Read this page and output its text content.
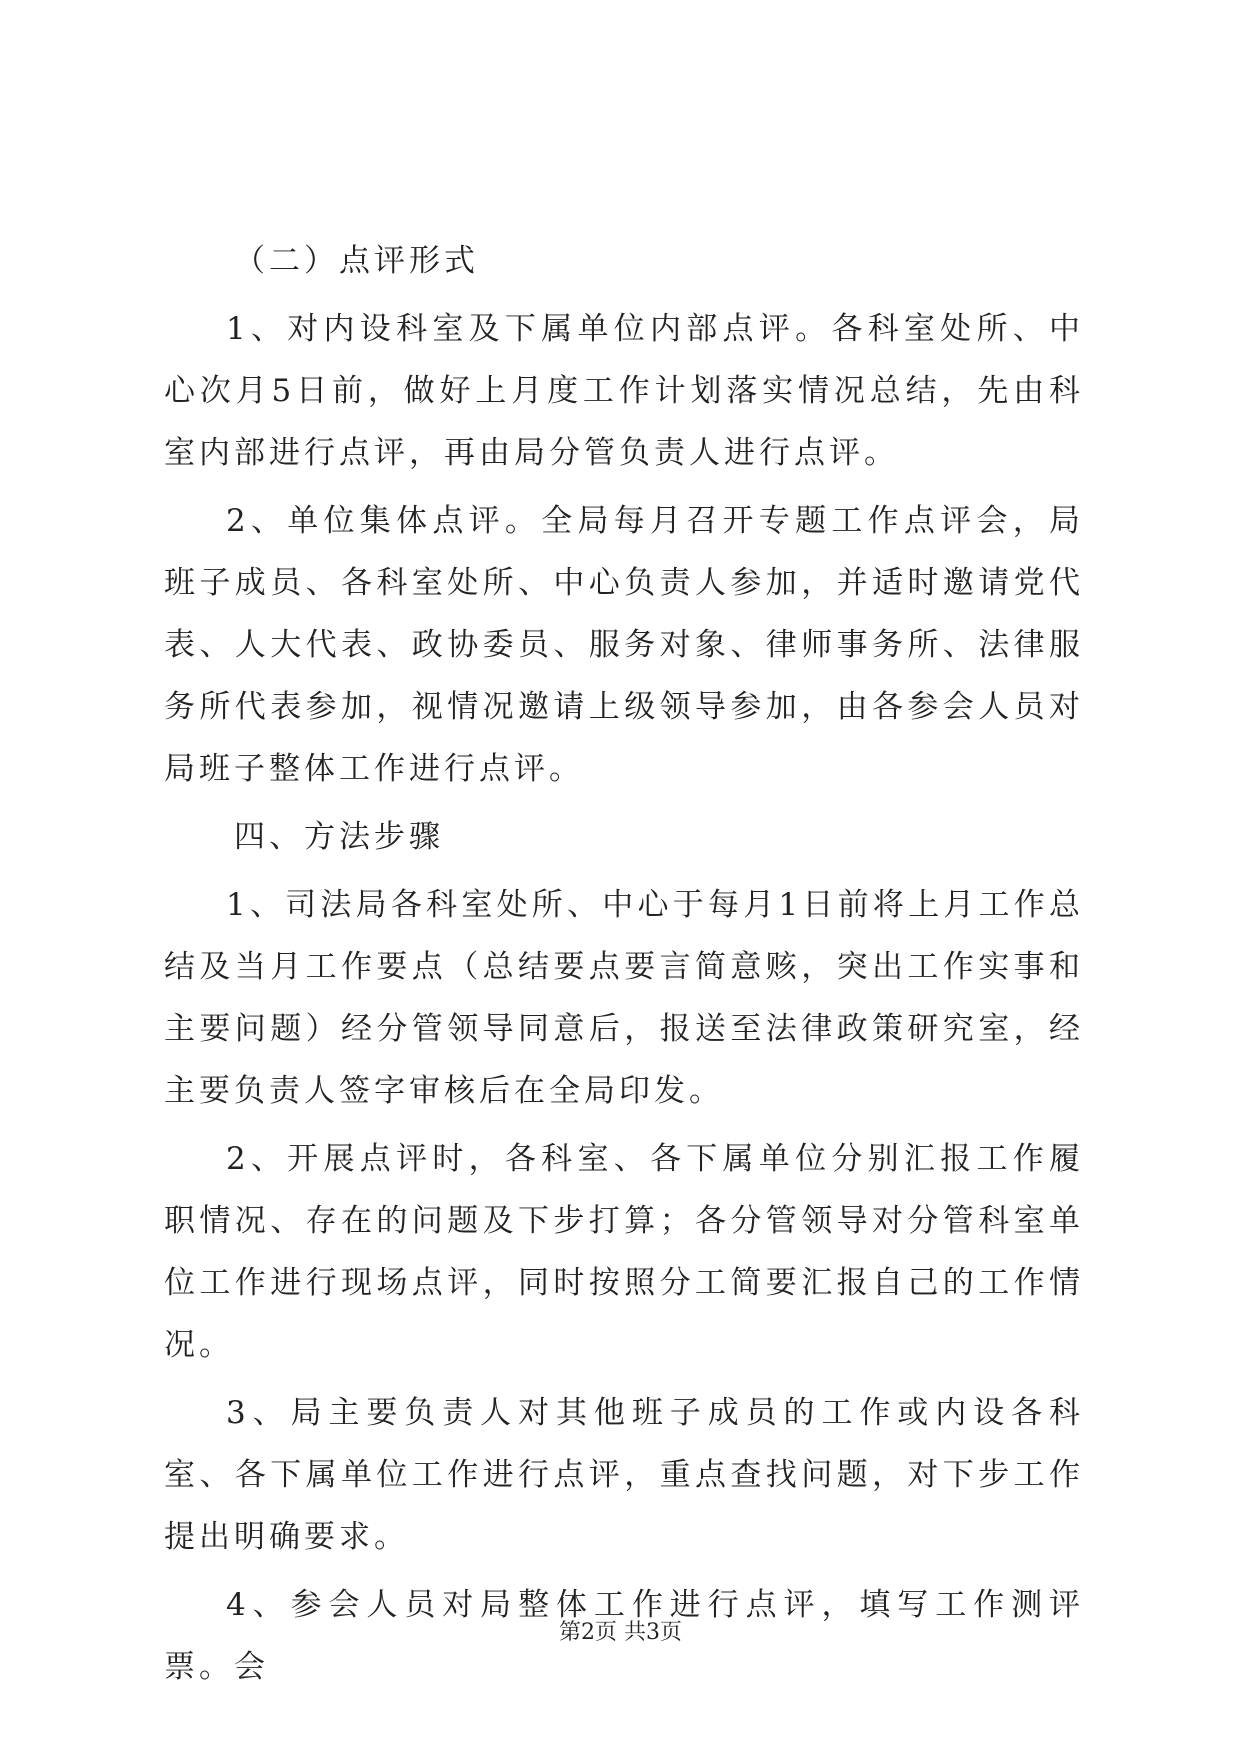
（二）点评形式

1、对内设科室及下属单位内部点评。各科室处所、中心次月5日前，做好上月度工作计划落实情况总结，先由科室内部进行点评，再由局分管负责人进行点评。

2、单位集体点评。全局每月召开专题工作点评会，局班子成员、各科室处所、中心负责人参加，并适时邀请党代表、人大代表、政协委员、服务对象、律师事务所、法律服务所代表参加，视情况邀请上级领导参加，由各参会人员对局班子整体工作进行点评。

四、方法步骤

1、司法局各科室处所、中心于每月1日前将上月工作总结及当月工作要点（总结要点要言简意赅，突出工作实事和主要问题）经分管领导同意后，报送至法律政策研究室，经主要负责人签字审核后在全局印发。

2、开展点评时，各科室、各下属单位分别汇报工作履职情况、存在的问题及下步打算；各分管领导对分管科室单位工作进行现场点评，同时按照分工简要汇报自己的工作情况。

3、局主要负责人对其他班子成员的工作或内设各科室、各下属单位工作进行点评，重点查找问题，对下步工作提出明确要求。

4、参会人员对局整体工作进行点评，填写工作测评票。会

第2页 共3页
